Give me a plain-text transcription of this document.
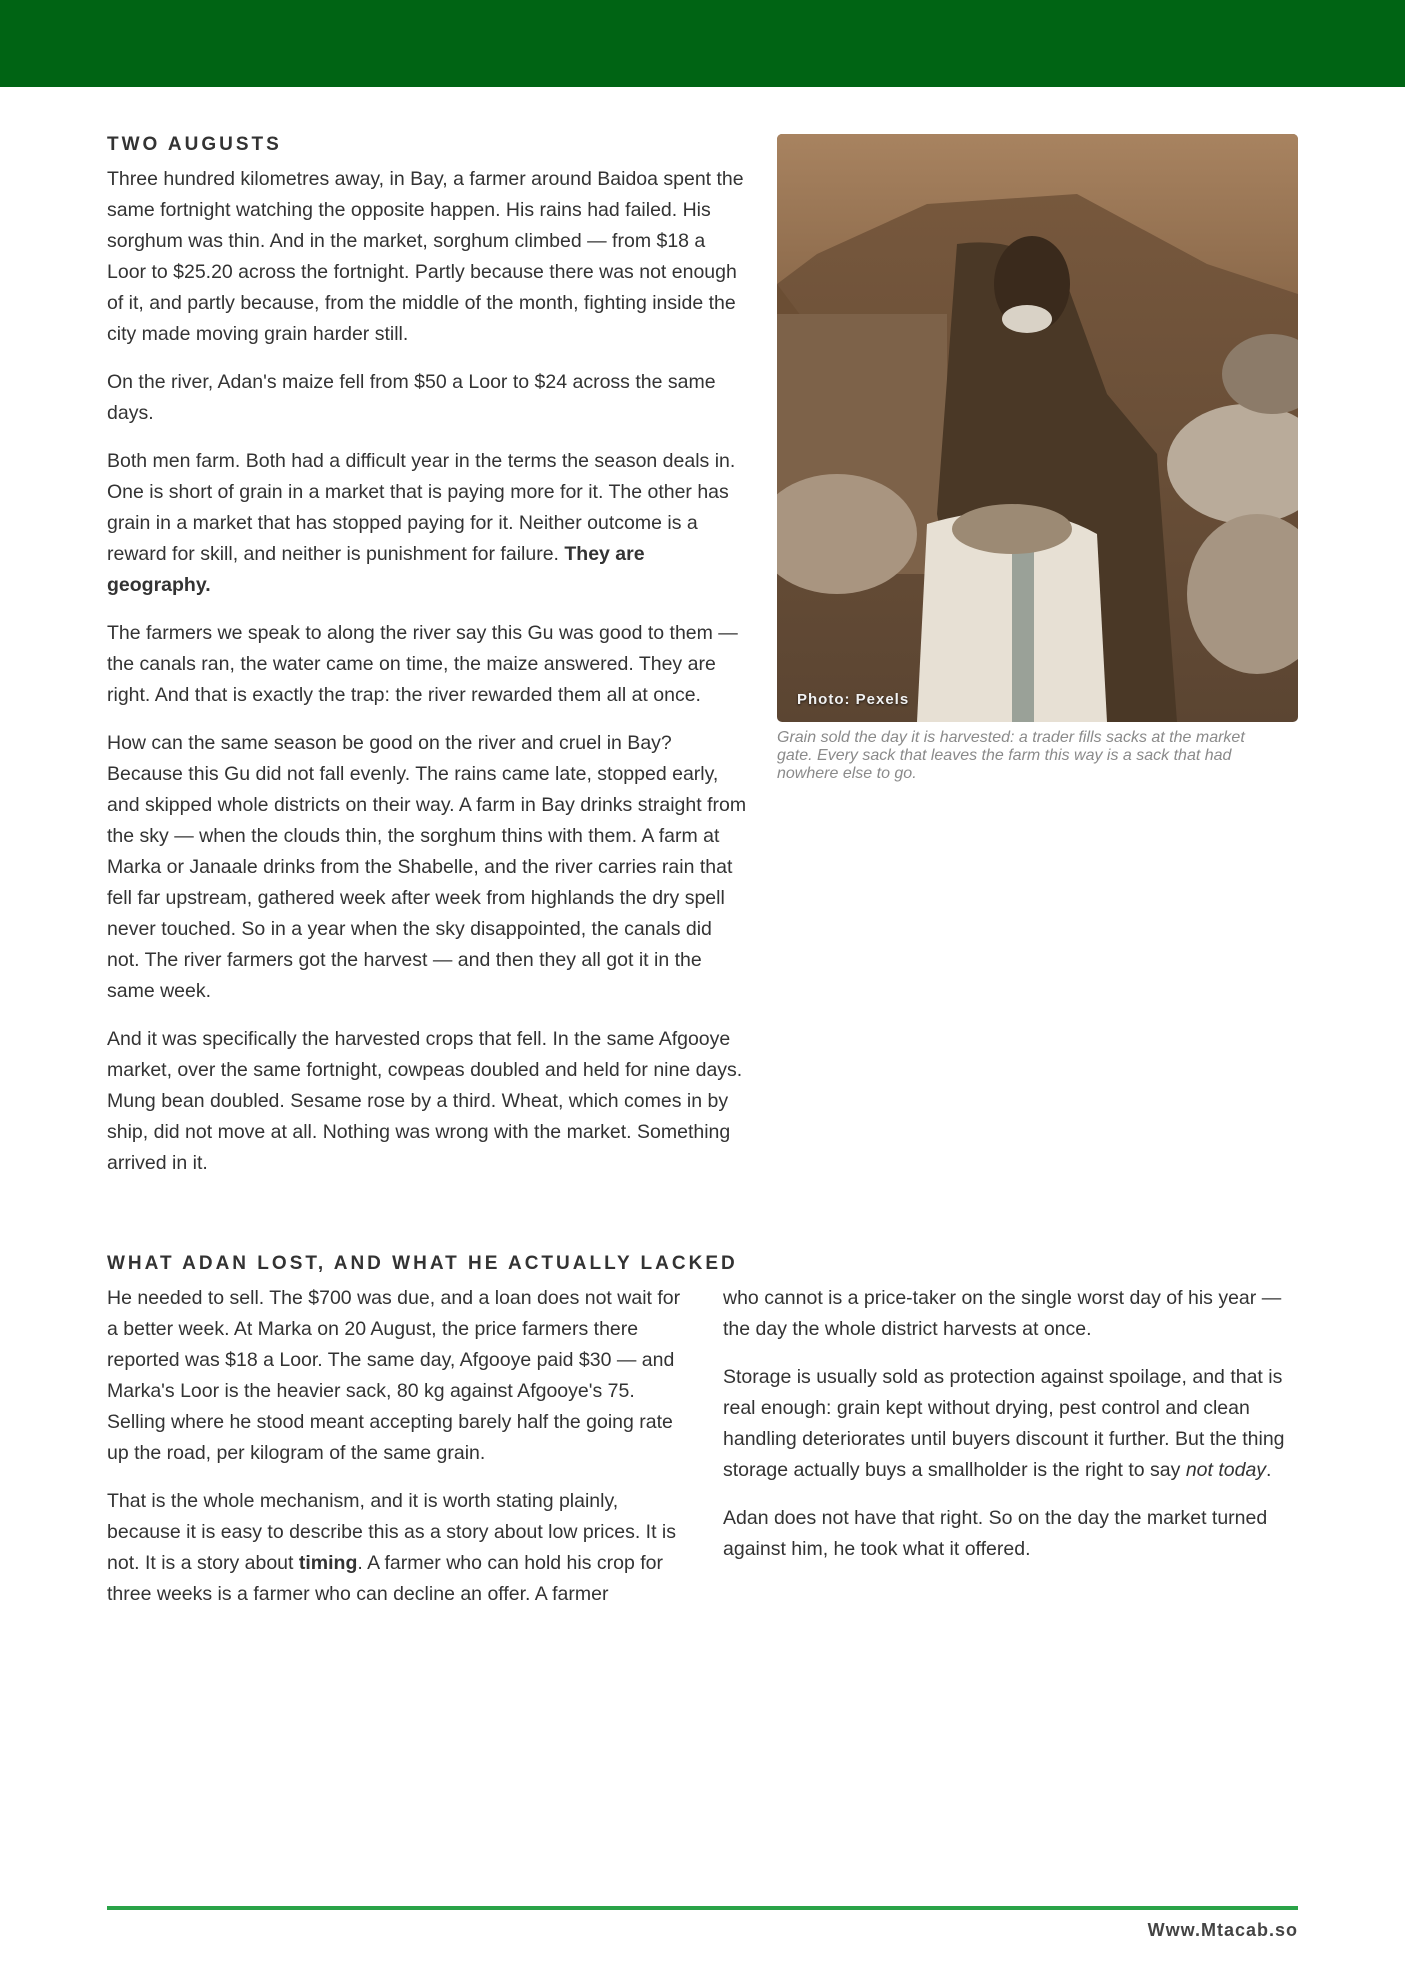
TWO AUGUSTS

Three hundred kilometres away, in Bay, a farmer around Baidoa spent the same fortnight watching the opposite happen. His rains had failed. His sorghum was thin. And in the market, sorghum climbed — from $18 a Loor to $25.20 across the fortnight. Partly because there was not enough of it, and partly because, from the middle of the month, fighting inside the city made moving grain harder still.

On the river, Adan's maize fell from $50 a Loor to $24 across the same days.

Both men farm. Both had a difficult year in the terms the season deals in. One is short of grain in a market that is paying more for it. The other has grain in a market that has stopped paying for it. Neither outcome is a reward for skill, and neither is punishment for failure. They are geography.

The farmers we speak to along the river say this Gu was good to them — the canals ran, the water came on time, the maize answered. They are right. And that is exactly the trap: the river rewarded them all at once.

How can the same season be good on the river and cruel in Bay? Because this Gu did not fall evenly. The rains came late, stopped early, and skipped whole districts on their way. A farm in Bay drinks straight from the sky — when the clouds thin, the sorghum thins with them. A farm at Marka or Janaale drinks from the Shabelle, and the river carries rain that fell far upstream, gathered week after week from highlands the dry spell never touched. So in a year when the sky disappointed, the canals did not. The river farmers got the harvest — and then they all got it in the same week.

And it was specifically the harvested crops that fell. In the same Afgooye market, over the same fortnight, cowpeas doubled and held for nine days. Mung bean doubled. Sesame rose by a third. Wheat, which comes in by ship, did not move at all. Nothing was wrong with the market. Something arrived in it.

Photo: Pexels
Grain sold the day it is harvested: a trader fills sacks at the market gate. Every sack that leaves the farm this way is a sack that had nowhere else to go.
WHAT ADAN LOST, AND WHAT HE ACTUALLY LACKED

He needed to sell. The $700 was due, and a loan does not wait for a better week. At Marka on 20 August, the price farmers there reported was $18 a Loor. The same day, Afgooye paid $30 — and Marka's Loor is the heavier sack, 80 kg against Afgooye's 75. Selling where he stood meant accepting barely half the going rate up the road, per kilogram of the same grain.

That is the whole mechanism, and it is worth stating plainly, because it is easy to describe this as a story about low prices. It is not. It is a story about timing. A farmer who can hold his crop for three weeks is a farmer who can decline an offer. A farmer

who cannot is a price-taker on the single worst day of his year — the day the whole district harvests at once.

Storage is usually sold as protection against spoilage, and that is real enough: grain kept without drying, pest control and clean handling deteriorates until buyers discount it further. But the thing storage actually buys a smallholder is the right to say not today.

Adan does not have that right. So on the day the market turned against him, he took what it offered.

Www.Mtacab.so
